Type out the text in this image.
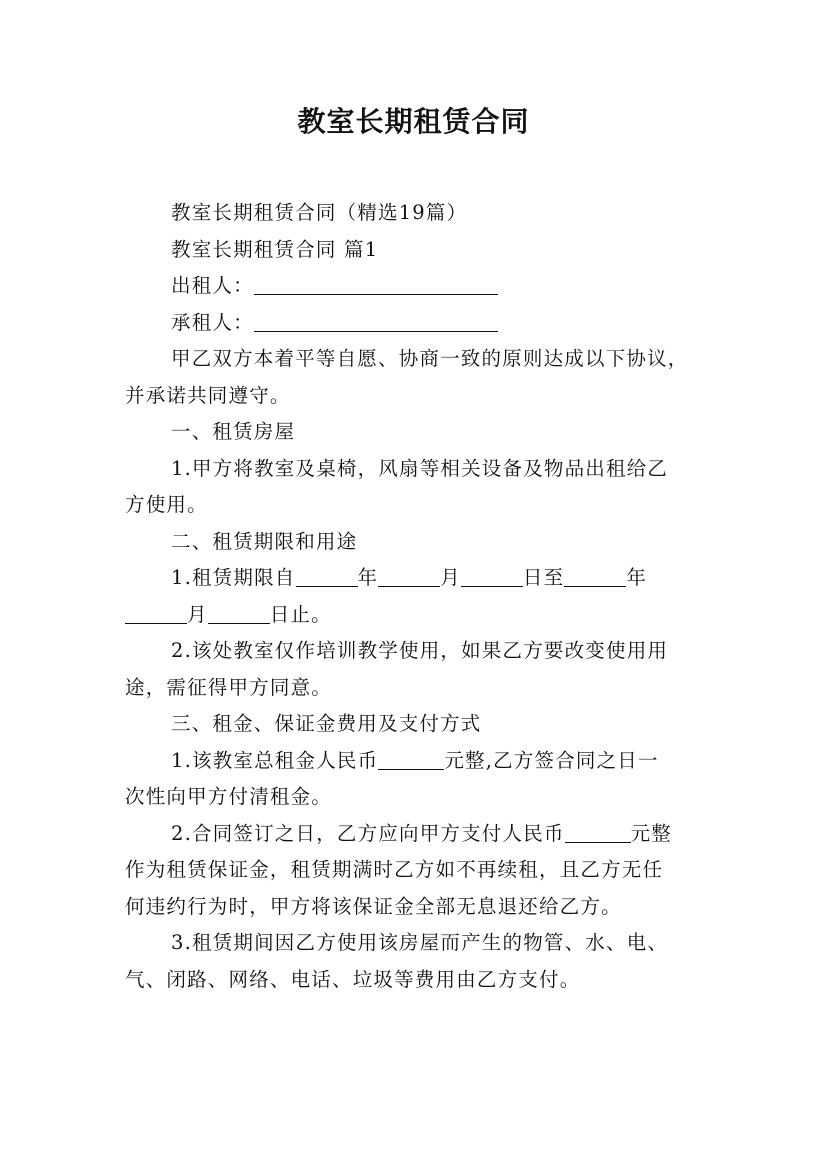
教室长期租赁合同

教室长期租赁合同（精选19篇）

教室长期租赁合同 篇1

出租人：

承租人：

甲乙双方本着平等自愿、协商一致的原则达成以下协议，

并承诺共同遵守。

一、租赁房屋

1.甲方将教室及桌椅，风扇等相关设备及物品出租给乙

方使用。

二、租赁期限和用途

1.租赁期限自	年	月	日至	年

月	日止。

2.该处教室仅作培训教学使用，如果乙方要改变使用用

途，需征得甲方同意。

三、租金、保证金费用及支付方式

1.该教室总租金人民币	元整,乙方签合同之日一

次性向甲方付清租金。

2.合同签订之日，乙方应向甲方支付人民币	元整

作为租赁保证金，租赁期满时乙方如不再续租，且乙方无任

何违约行为时，甲方将该保证金全部无息退还给乙方。

3.租赁期间因乙方使用该房屋而产生的物管、水、电、

气、闭路、网络、电话、垃圾等费用由乙方支付。
